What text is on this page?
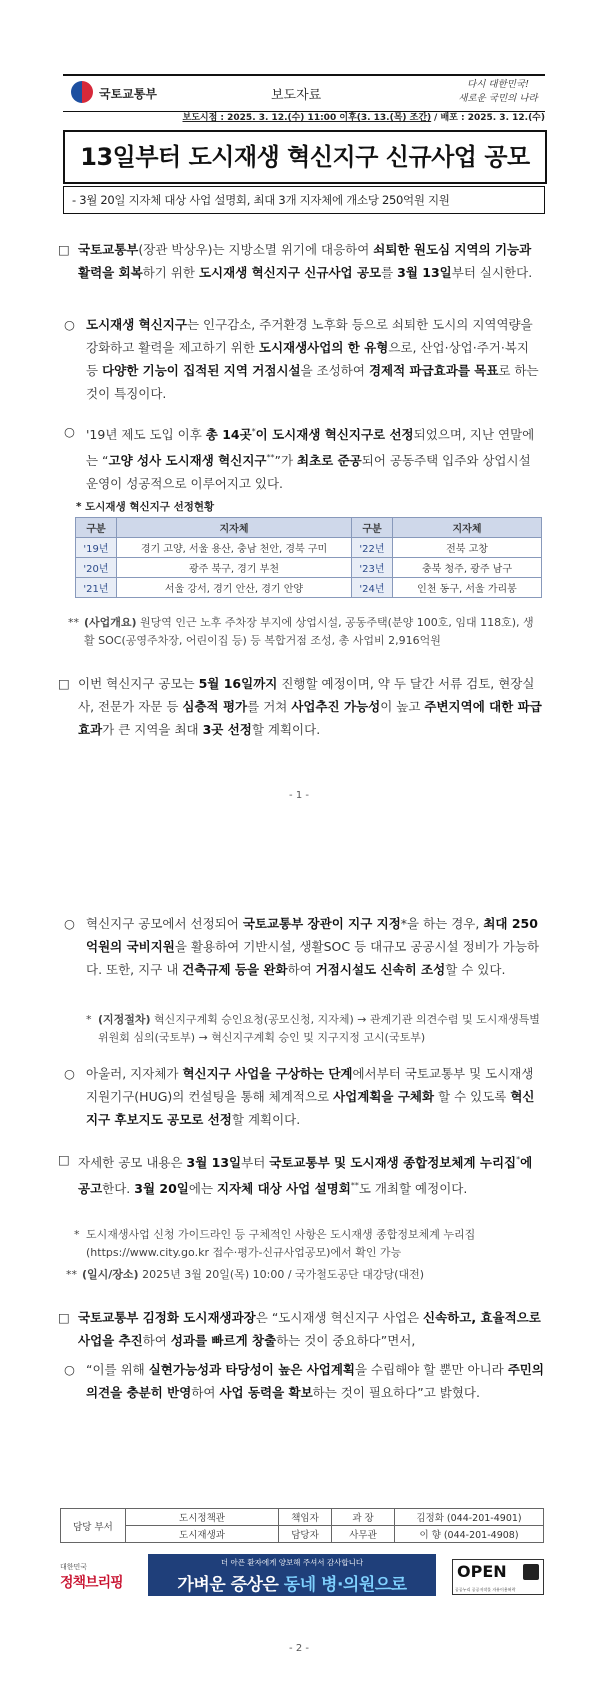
국토교통부	보도자료
다시 대한민국!
새로운 국민의 나라
보도시점 : 2025. 3. 12.(수) 11:00 이후(3. 13.(목) 조간) / 배포 : 2025. 3. 12.(수)
13일부터 도시재생 혁신지구 신규사업 공모
- 3월 20일 지자체 대상 사업 설명회, 최대 3개 지자체에 개소당 250억원 지원
□ 국토교통부(장관 박상우)는 지방소멸 위기에 대응하여 쇠퇴한 원도심 지역의 기능과 활력을 회복하기 위한 도시재생 혁신지구 신규사업 공모를 3월 13일부터 실시한다.
○ 도시재생 혁신지구는 인구감소, 주거환경 노후화 등으로 쇠퇴한 도시의 지역역량을 강화하고 활력을 제고하기 위한 도시재생사업의 한 유형으로, 산업·상업·주거·복지 등 다양한 기능이 집적된 지역 거점시설을 조성하여 경제적 파급효과를 목표로 하는 것이 특징이다.
○ '19년 제도 도입 이후 총 14곳*이 도시재생 혁신지구로 선정되었으며, 지난 연말에는 “고양 성사 도시재생 혁신지구**”가 최초로 준공되어 공동주택 입주와 상업시설 운영이 성공적으로 이루어지고 있다.
* 도시재생 혁신지구 선정현황
구분	지자체	구분	지자체
'19년	경기 고양, 서울 용산, 충남 천안, 경북 구미	'22년	전북 고창
'20년	광주 북구, 경기 부천	'23년	충북 청주, 광주 남구
'21년	서울 강서, 경기 안산, 경기 안양	'24년	인천 동구, 서울 가리봉
** (사업개요) 원당역 인근 노후 주차장 부지에 상업시설, 공동주택(분양 100호, 임대 118호), 생활 SOC(공영주차장, 어린이집 등) 등 복합거점 조성, 총 사업비 2,916억원
□ 이번 혁신지구 공모는 5월 16일까지 진행할 예정이며, 약 두 달간 서류 검토, 현장실사, 전문가 자문 등 심층적 평가를 거쳐 사업추진 가능성이 높고 주변지역에 대한 파급효과가 큰 지역을 최대 3곳 선정할 계획이다.
- 1 -
○ 혁신지구 공모에서 선정되어 국토교통부 장관이 지구 지정*을 하는 경우, 최대 250억원의 국비지원을 활용하여 기반시설, 생활SOC 등 대규모 공공시설 정비가 가능하다. 또한, 지구 내 건축규제 등을 완화하여 거점시설도 신속히 조성할 수 있다.
* (지정절차) 혁신지구계획 승인요청(공모신청, 지자체) → 관계기관 의견수렴 및 도시재생특별위원회 심의(국토부) → 혁신지구계획 승인 및 지구지정 고시(국토부)
○ 아울러, 지자체가 혁신지구 사업을 구상하는 단계에서부터 국토교통부 및 도시재생지원기구(HUG)의 컨설팅을 통해 체계적으로 사업계획을 구체화 할 수 있도록 혁신지구 후보지도 공모로 선정할 계획이다.
□ 자세한 공모 내용은 3월 13일부터 국토교통부 및 도시재생 종합정보체계 누리집*에 공고한다. 3월 20일에는 지자체 대상 사업 설명회**도 개최할 예정이다.
* 도시재생사업 신청 가이드라인 등 구체적인 사항은 도시재생 종합정보체계 누리집 (https://www.city.go.kr 접수·평가-신규사업공모)에서 확인 가능
** (일시/장소) 2025년 3월 20일(목) 10:00 / 국가철도공단 대강당(대전)
□ 국토교통부 김정화 도시재생과장은 “도시재생 혁신지구 사업은 신속하고, 효율적으로 사업을 추진하여 성과를 빠르게 창출하는 것이 중요하다”면서,
○ “이를 위해 실현가능성과 타당성이 높은 사업계획을 수립해야 할 뿐만 아니라 주민의 의견을 충분히 반영하여 사업 동력을 확보하는 것이 필요하다”고 밝혔다.
담당 부서	도시정책관	책임자	과 장	김정화 (044-201-4901)
	도시재생과	담당자	사무관	이 향 (044-201-4908)
대한민국
정책브리핑
더 아픈 환자에게 양보해 주셔서 감사합니다
가벼운 증상은 동네 병·의원으로
OPEN
공공누리 공공저작물 자유이용허락
- 2 -
